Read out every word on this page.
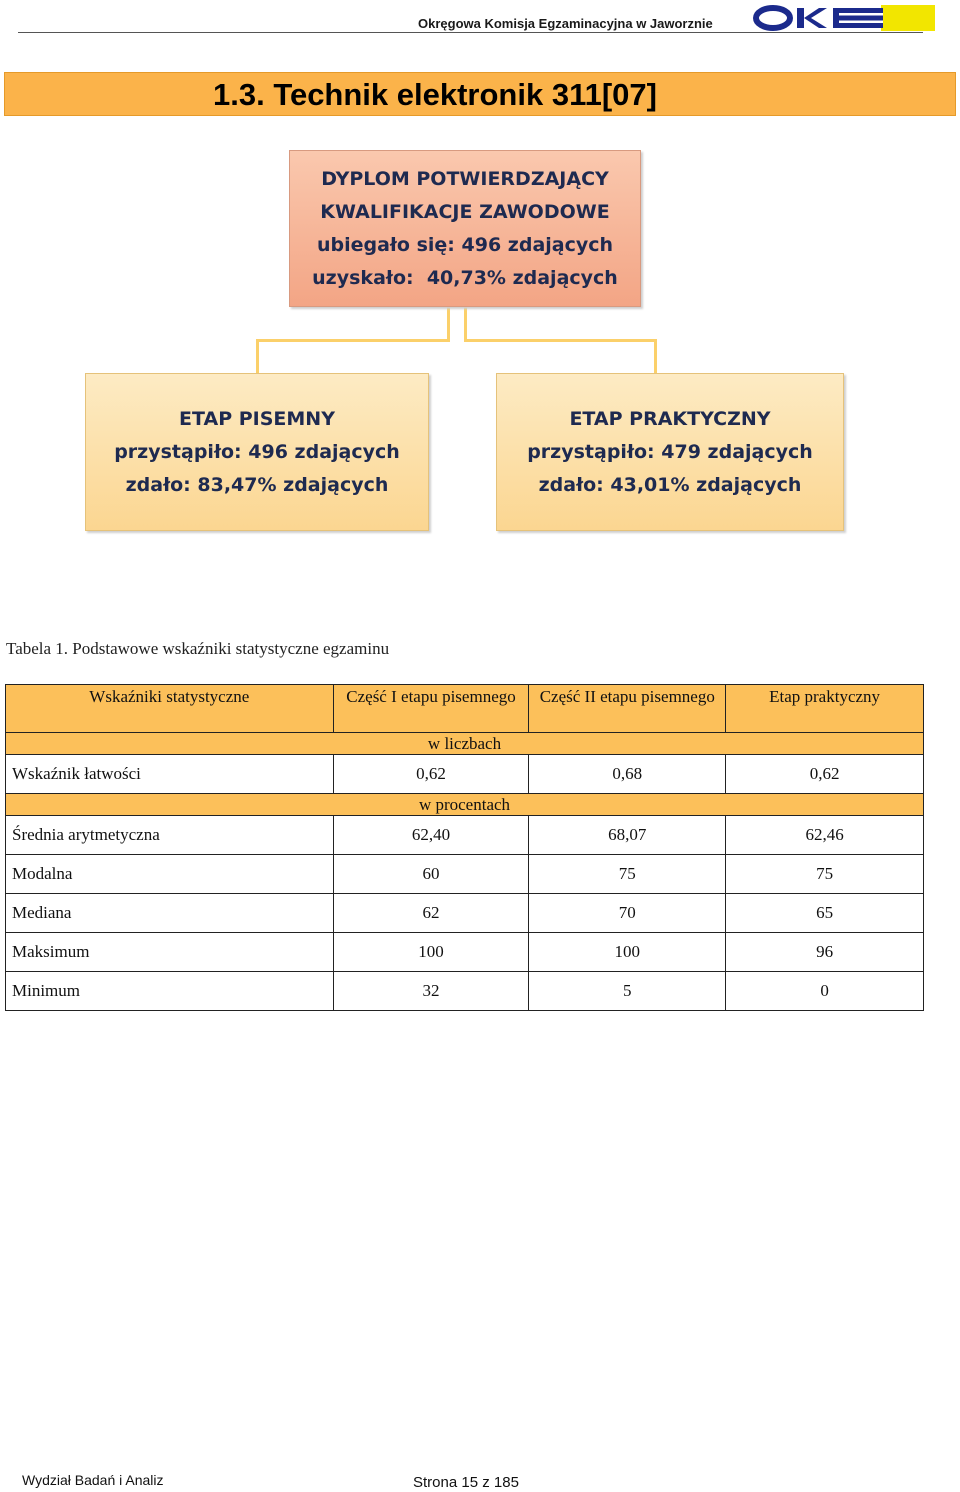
Okręgowa Komisja Egzaminacyjna w Jaworznie
1.3. Technik elektronik 311[07]
DYPLOM POTWIERDZAJĄCY
KWALIFIKACJE ZAWODOWE
ubiegało się: 496 zdających
uzyskało:  40,73% zdających
ETAP PISEMNY
przystąpiło: 496 zdających
zdało: 83,47% zdających
ETAP PRAKTYCZNY
przystąpiło: 479 zdających
zdało: 43,01% zdających
Tabela 1. Podstawowe wskaźniki statystyczne egzaminu
Wskaźniki statystyczne	Część I etapu pisemnego	Część II etapu pisemnego	Etap praktyczny
w liczbach			
Wskaźnik łatwości	0,62	0,68	0,62
w procentach			
Średnia arytmetyczna	62,40	68,07	62,46
Modalna	60	75	75
Mediana	62	70	65
Maksimum	100	100	96
Minimum	32	5	0
Wydział Badań i Analiz	Strona 15 z 185
